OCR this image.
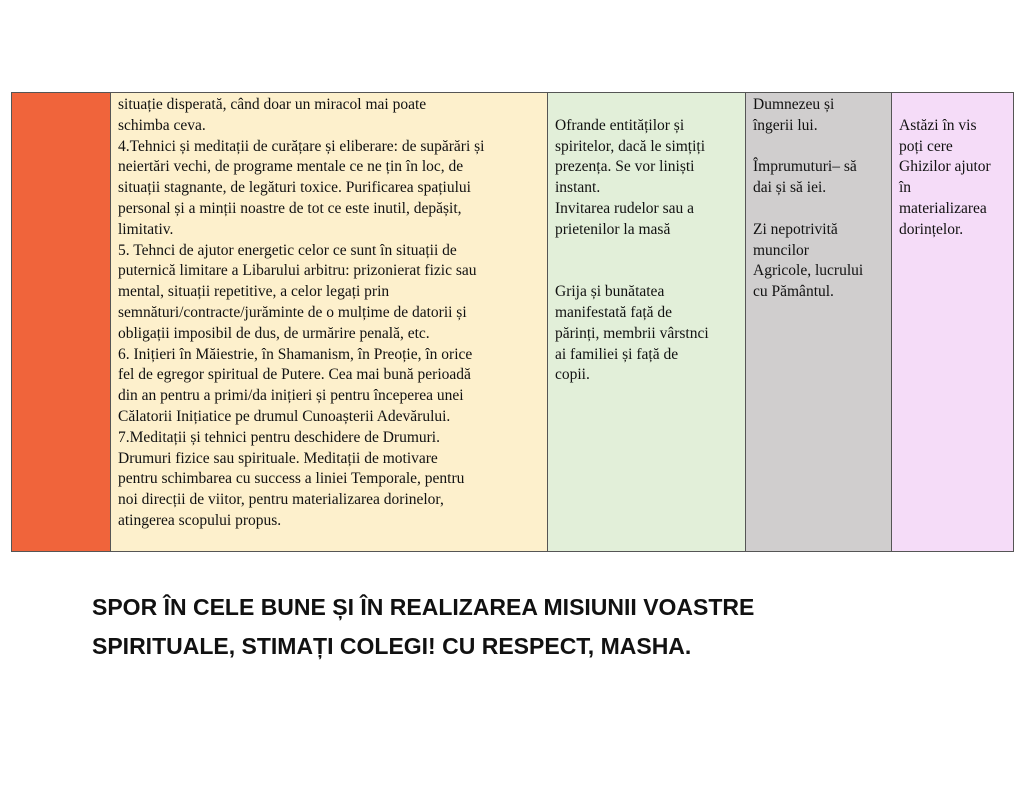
situație disperată, când doar un miracol mai poate
schimba ceva.
4.Tehnici și meditații de curățare și eliberare: de supărări și
neiertări vechi, de programe mentale ce ne țin în loc, de
situații stagnante, de legături toxice. Purificarea spațiului
personal și a minții noastre de tot ce este inutil, depășit,
limitativ.
5. Tehnci de ajutor energetic celor ce sunt în situații de
puternică limitare a Libarului arbitru: prizonierat fizic sau
mental, situații repetitive, a celor legați prin
semnături/contracte/jurăminte de o mulțime de datorii și
obligații imposibil de dus, de urmărire penală, etc.
6. Inițieri în Măiestrie, în Shamanism, în Preoție, în orice
fel de egregor spiritual de Putere. Cea mai bună perioadă
din an pentru a primi/da inițieri și pentru începerea unei
Călatorii Inițiatice pe drumul Cunoașterii Adevărului.
7.Meditații și tehnici pentru deschidere de Drumuri.
Drumuri fizice sau spirituale. Meditații de motivare
pentru schimbarea cu success a liniei Temporale, pentru
noi direcții de viitor, pentru materializarea dorinelor,
atingerea scopului propus.
Ofrande entităților și
spiritelor, dacă le simțiți
prezența. Se vor liniști
instant.
Invitarea rudelor sau a
prietenilor la masă
Grija și bunătatea
manifestată față de
părinți, membrii vârstnci
ai familiei și față de
copii.
Dumnezeu și
îngerii lui.
Împrumuturi– să
dai și să iei.
Zi nepotrivită
muncilor
Agricole, lucrului
cu Pământul.
Astăzi în vis
poți cere
Ghizilor ajutor
în
materializarea
dorințelor.
SPOR ÎN CELE BUNE ȘI ÎN REALIZAREA MISIUNII VOASTRE
SPIRITUALE, STIMAȚI COLEGI! CU RESPECT, MASHA.
